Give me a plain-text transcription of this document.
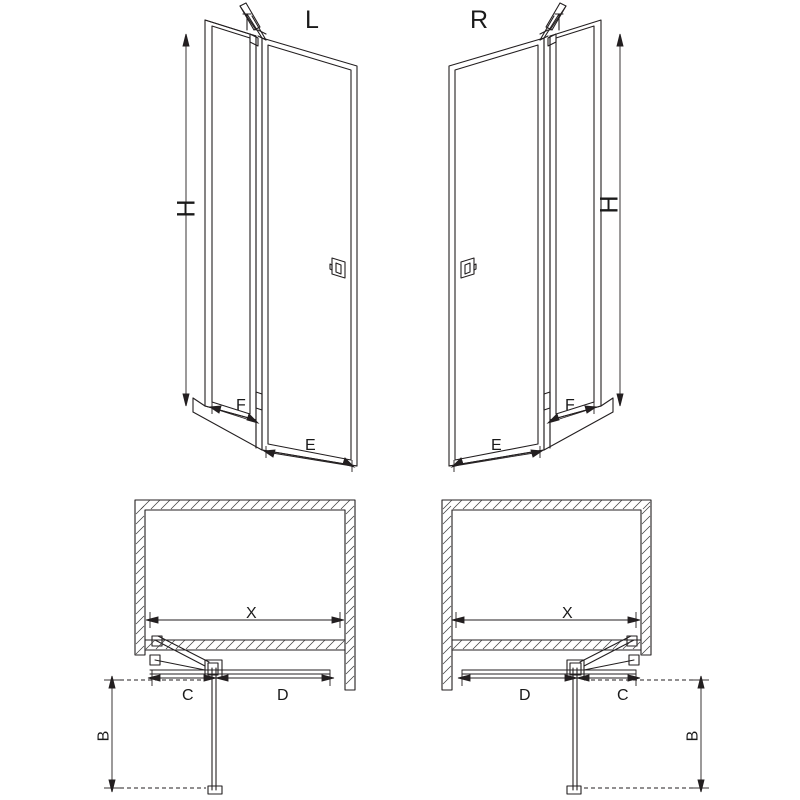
L	R
H
F
E
H
F
E
X
C	D
B
X
D	C
B
